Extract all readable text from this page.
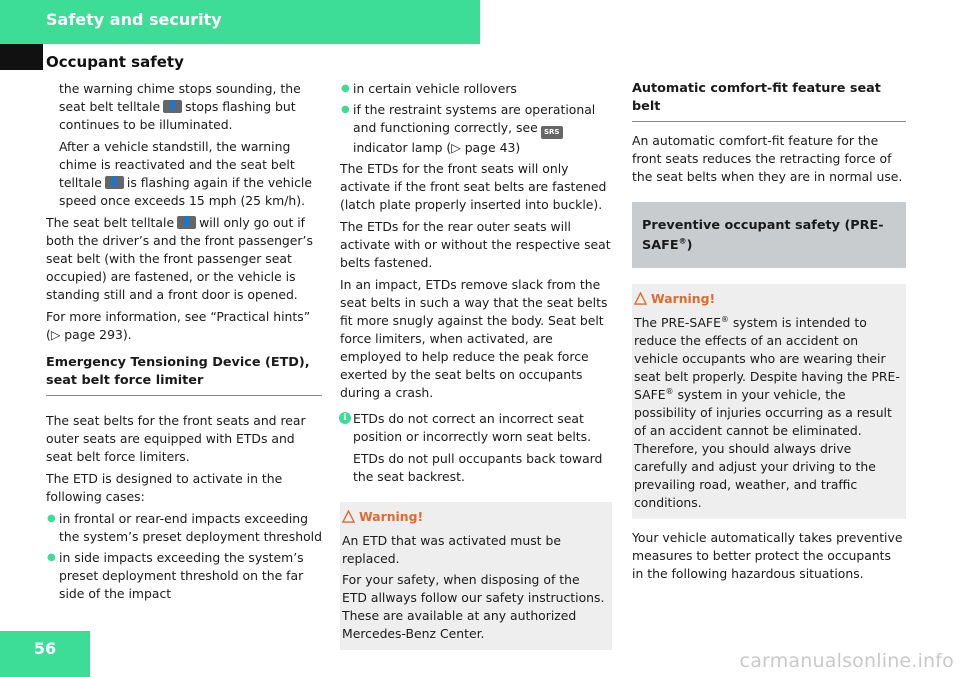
Safety and security
Occupant safety

the warning chime stops sounding, the seat belt telltale 👤 stops flashing but continues to be illuminated.

After a vehicle standstill, the warning chime is reactivated and the seat belt telltale 👤 is flashing again if the vehicle speed once exceeds 15 mph (25 km/h).

The seat belt telltale 👤 will only go out if both the driver’s and the front passenger’s seat belt (with the front passenger seat occupied) are fastened, or the vehicle is standing still and a front door is opened.

For more information, see “Practical hints” (▷ page 293).

Emergency Tensioning Device (ETD), seat belt force limiter

The seat belts for the front seats and rear outer seats are equipped with ETDs and seat belt force limiters.

The ETD is designed to activate in the following cases:

● in frontal or rear-end impacts exceeding the system’s preset deployment threshold
● in side impacts exceeding the system’s preset deployment threshold on the far side of the impact
● in certain vehicle rollovers
● if the restraint systems are operational and functioning correctly, see SRSindicator lamp (▷ page 43)

The ETDs for the front seats will only activate if the front seat belts are fastened (latch plate properly inserted into buckle).

The ETDs for the rear outer seats will activate with or without the respective seat belts fastened.

In an impact, ETDs remove slack from the seat belts in such a way that the seat belts fit more snugly against the body. Seat belt force limiters, when activated, are employed to help reduce the peak force exerted by the seat belts on occupants during a crash.

i ETDs do not correct an incorrect seat position or incorrectly worn seat belts.

ETDs do not pull occupants back toward the seat backrest.

Warning!

An ETD that was activated must be replaced.

For your safety, when disposing of the ETD allways follow our safety instructions. These are available at any authorized Mercedes-Benz Center.

Automatic comfort-fit feature seat belt

An automatic comfort-fit feature for the front seats reduces the retracting force of the seat belts when they are in normal use.

Preventive occupant safety (PRE-SAFE®)
Warning!

The PRE-SAFE® system is intended to reduce the effects of an accident on vehicle occupants who are wearing their seat belt properly. Despite having the PRE-SAFE® system in your vehicle, the possibility of injuries occurring as a result of an accident cannot be eliminated. Therefore, you should always drive carefully and adjust your driving to the prevailing road, weather, and traffic conditions.

Your vehicle automatically takes preventive measures to better protect the occupants in the following hazardous situations.

56
carmanualsonline.info
